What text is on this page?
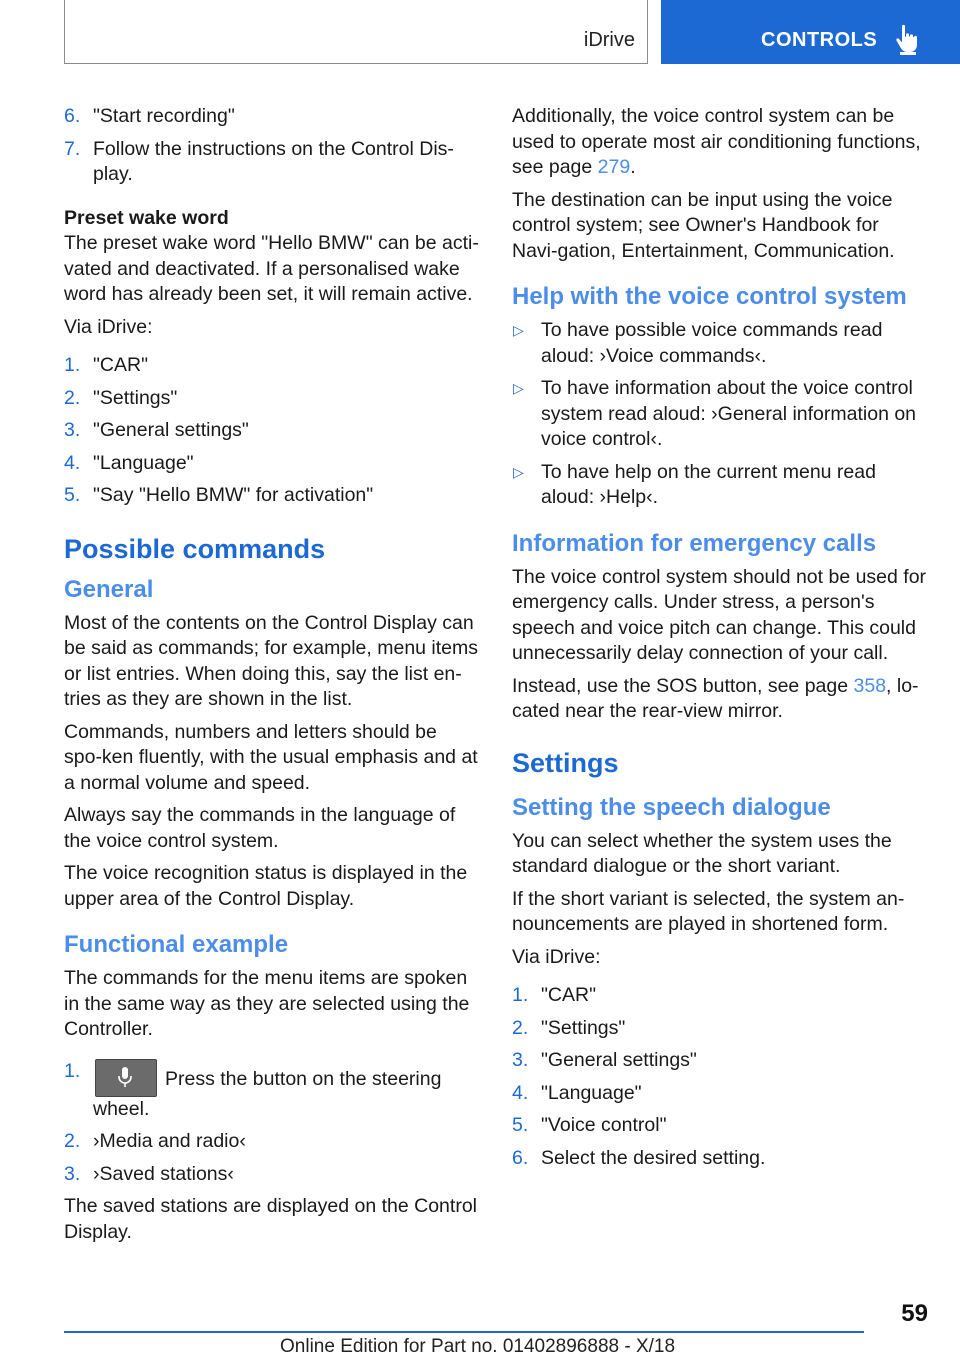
iDrive	CONTROLS
6. "Start recording"
7. Follow the instructions on the Control Dis-play.

Preset wake word

The preset wake word "Hello BMW" can be acti-vated and deactivated. If a personalised wake word has already been set, it will remain active.

Via iDrive:

1. "CAR"
2. "Settings"
3. "General settings"
4. "Language"
5. "Say "Hello BMW" for activation"
Possible commands
General

Most of the contents on the Control Display can be said as commands; for example, menu items or list entries. When doing this, say the list en-tries as they are shown in the list.

Commands, numbers and letters should be spo-ken fluently, with the usual emphasis and at a normal volume and speed.

Always say the commands in the language of the voice control system.

The voice recognition status is displayed in the upper area of the Control Display.

Functional example

The commands for the menu items are spoken in the same way as they are selected using the Controller.

1.	Press the button on the steering wheel.
2. ›Media and radio‹
3. ›Saved stations‹

The saved stations are displayed on the Control Display.

Additionally, the voice control system can be used to operate most air conditioning functions, see page 279.

The destination can be input using the voice control system; see Owner's Handbook for Navi-gation, Entertainment, Communication.

Help with the voice control system
▷ To have possible voice commands read aloud: ›Voice commands‹.
▷ To have information about the voice control system read aloud: ›General information on voice control‹.
▷ To have help on the current menu read aloud: ›Help‹.
Information for emergency calls

The voice control system should not be used for emergency calls. Under stress, a person's speech and voice pitch can change. This could unnecessarily delay connection of your call.

Instead, use the SOS button, see page 358, lo-cated near the rear-view mirror.

Settings
Setting the speech dialogue

You can select whether the system uses the standard dialogue or the short variant.

If the short variant is selected, the system an-nouncements are played in shortened form.

Via iDrive:

1. "CAR"
2. "Settings"
3. "General settings"
4. "Language"
5. "Voice control"
6. Select the desired setting.
59
Online Edition for Part no. 01402896888 - X/18
